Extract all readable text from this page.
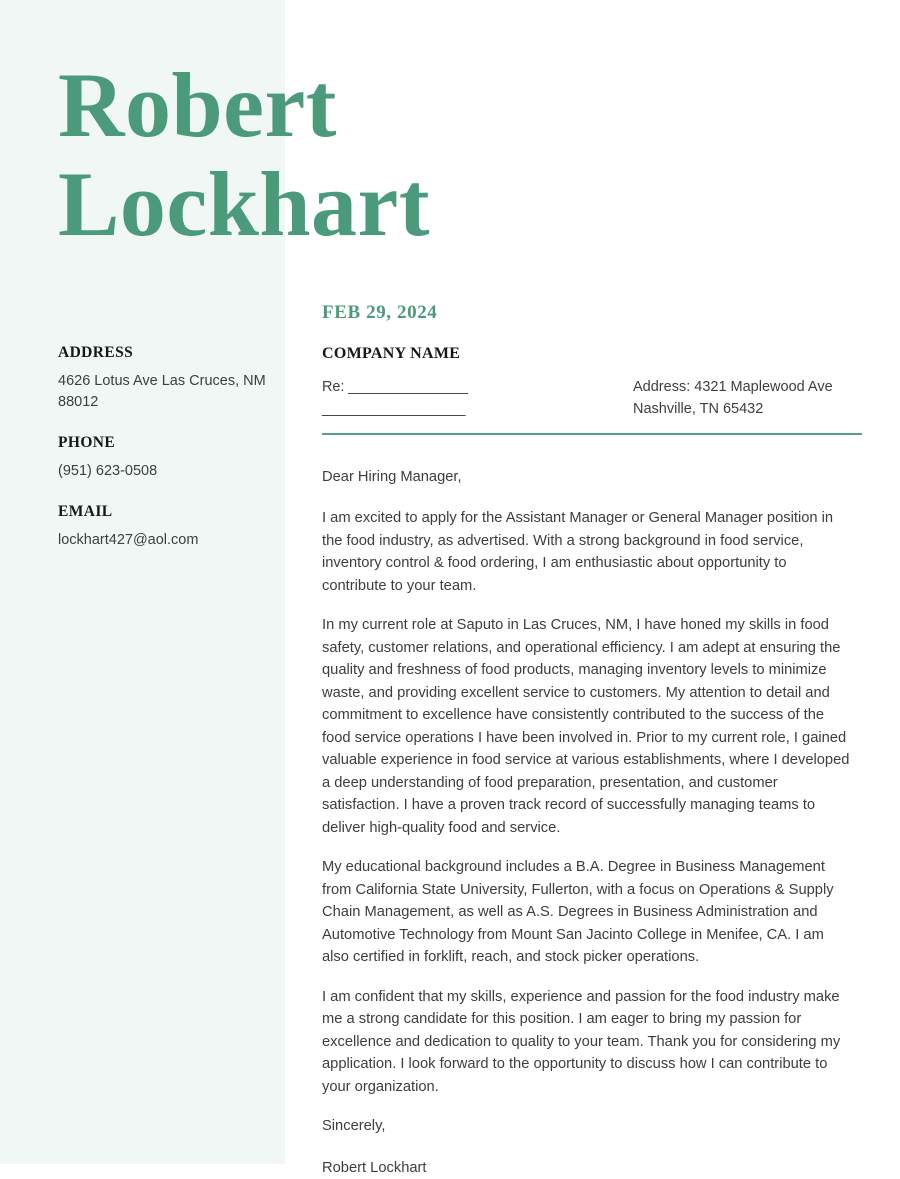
Robert
Lockhart

ADDRESS

4626 Lotus Ave Las Cruces, NM 88012

PHONE

(951) 623-0508

EMAIL

lockhart427@aol.com

FEB 29, 2024
COMPANY NAME
Re: _______________
__________________
Address: 4321 Maplewood Ave
Nashville, TN 65432

Dear Hiring Manager,

I am excited to apply for the Assistant Manager or General Manager position in the food industry, as advertised. With a strong background in food service, inventory control & food ordering, I am enthusiastic about opportunity to contribute to your team.

In my current role at Saputo in Las Cruces, NM, I have honed my skills in food safety, customer relations, and operational efficiency. I am adept at ensuring the quality and freshness of food products, managing inventory levels to minimize waste, and providing excellent service to customers. My attention to detail and commitment to excellence have consistently contributed to the success of the food service operations I have been involved in. Prior to my current role, I gained valuable experience in food service at various establishments, where I developed a deep understanding of food preparation, presentation, and customer satisfaction. I have a proven track record of successfully managing teams to deliver high-quality food and service.

My educational background includes a B.A. Degree in Business Management from California State University, Fullerton, with a focus on Operations & Supply Chain Management, as well as A.S. Degrees in Business Administration and Automotive Technology from Mount San Jacinto College in Menifee, CA. I am also certified in forklift, reach, and stock picker operations.

I am confident that my skills, experience and passion for the food industry make me a strong candidate for this position. I am eager to bring my passion for excellence and dedication to quality to your team. Thank you for considering my application. I look forward to the opportunity to discuss how I can contribute to your organization.

Sincerely,

Robert Lockhart
